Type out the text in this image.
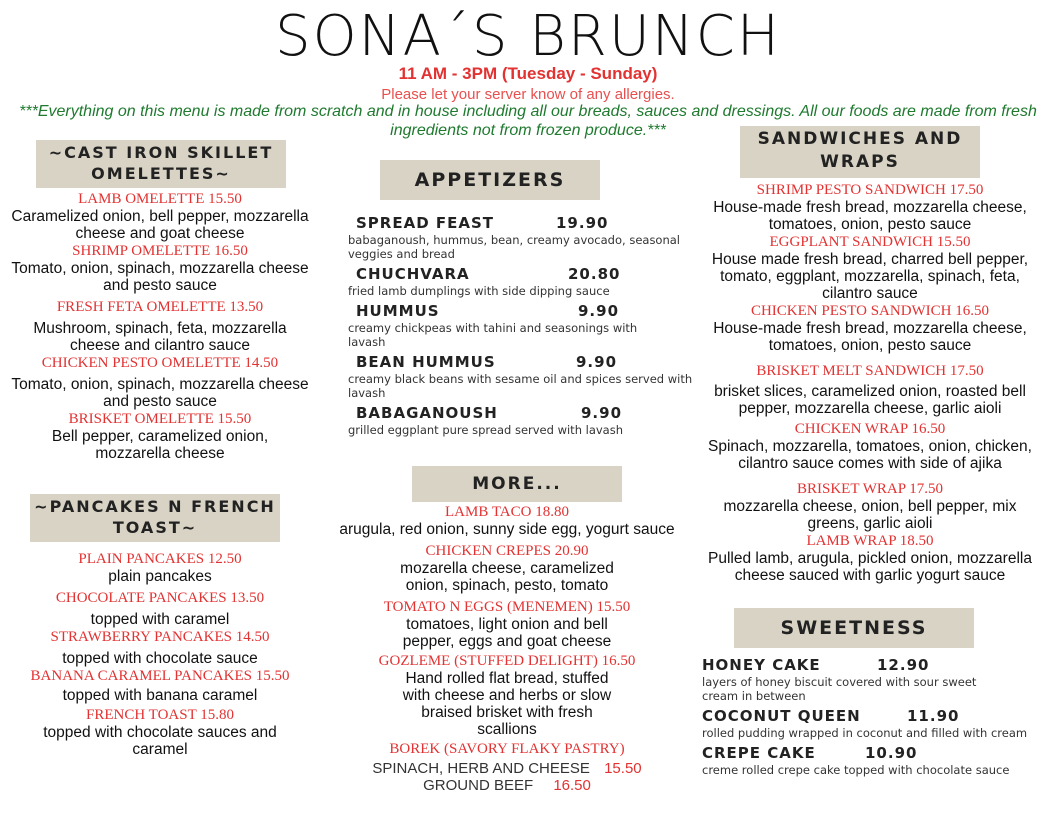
SONA´S BRUNCH
11 AM - 3PM (Tuesday - Sunday)
Please let your server know of any allergies.
***Everything on this menu is made from scratch and in house including all our breads, sauces and dressings. All our foods are made from fresh ingredients not from frozen produce.***
~CAST IRON SKILLET OMELETTES~
LAMB OMELETTE 15.50
Caramelized onion, bell pepper, mozzarella cheese and goat cheese
SHRIMP OMELETTE 16.50
Tomato, onion, spinach, mozzarella cheese and pesto sauce
FRESH FETA OMELETTE 13.50
Mushroom, spinach, feta, mozzarella cheese and cilantro sauce
CHICKEN PESTO OMELETTE 14.50
Tomato, onion, spinach, mozzarella cheese and pesto sauce
BRISKET OMELETTE 15.50
Bell pepper, caramelized onion, mozzarella cheese
~PANCAKES N FRENCH TOAST~
PLAIN PANCAKES 12.50
plain pancakes
CHOCOLATE PANCAKES 13.50
topped with caramel
STRAWBERRY PANCAKES 14.50
topped with chocolate sauce
BANANA CARAMEL PANCAKES 15.50
topped with banana caramel
FRENCH TOAST 15.80
topped with chocolate sauces and caramel
APPETIZERS
SPREAD FEAST	19.90
babaganoush, hummus, bean, creamy avocado, seasonal veggies and bread
CHUCHVARA	20.80
fried lamb dumplings with side dipping sauce
HUMMUS	9.90
creamy chickpeas with tahini and seasonings with lavash
BEAN HUMMUS	9.90
creamy black beans with sesame oil and spices served with lavash
BABAGANOUSH	9.90
grilled eggplant pure spread served with lavash
MORE...
LAMB TACO 18.80
arugula, red onion, sunny side egg, yogurt sauce
CHICKEN CREPES 20.90
mozarella cheese, caramelized onion, spinach, pesto, tomato
TOMATO N EGGS (MENEMEN) 15.50
tomatoes, light onion and bell pepper, eggs and goat cheese
GOZLEME (STUFFED DELIGHT) 16.50
Hand rolled flat bread, stuffed with cheese and herbs or slow braised brisket with fresh scallions
BOREK (SAVORY FLAKY PASTRY)
SPINACH, HERB AND CHEESE 15.50
GROUND BEEF 16.50
SANDWICHES AND WRAPS
SHRIMP PESTO SANDWICH 17.50
House-made fresh bread, mozzarella cheese, tomatoes, onion, pesto sauce
EGGPLANT SANDWICH 15.50
House made fresh bread, charred bell pepper, tomato, eggplant, mozzarella, spinach, feta, cilantro sauce
CHICKEN PESTO SANDWICH 16.50
House-made fresh bread, mozzarella cheese, tomatoes, onion, pesto sauce
BRISKET MELT SANDWICH 17.50
brisket slices, caramelized onion, roasted bell pepper, mozzarella cheese, garlic aioli
CHICKEN WRAP 16.50
Spinach, mozzarella, tomatoes, onion, chicken, cilantro sauce comes with side of ajika
BRISKET WRAP 17.50
mozzarella cheese, onion, bell pepper, mix greens, garlic aioli
LAMB WRAP 18.50
Pulled lamb, arugula, pickled onion, mozzarella cheese sauced with garlic yogurt sauce
SWEETNESS
HONEY CAKE	12.90
layers of honey biscuit covered with sour sweet cream in between
COCONUT QUEEN	11.90
rolled pudding wrapped in coconut and filled with cream
CREPE CAKE	10.90
creme rolled crepe cake topped with chocolate sauce
